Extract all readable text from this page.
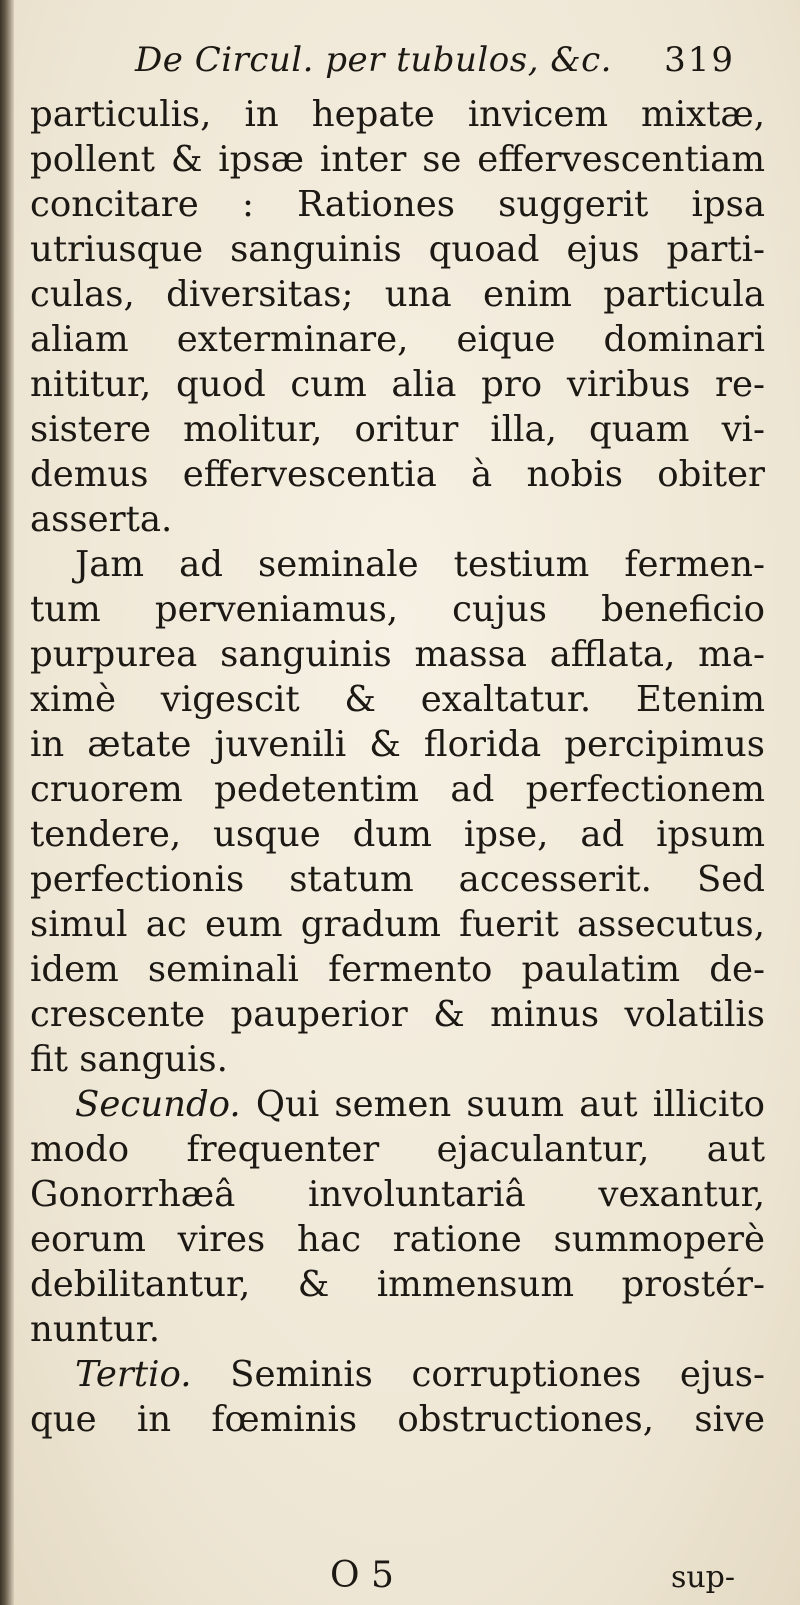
De Circul. per tubulos, &c. 319
particulis, in hepate invicem mixtæ,
pollent & ipsæ inter se effervescentiam
concitare : Rationes suggerit ipsa
utriusque sanguinis quoad ejus parti-
culas, diversitas; una enim particula
aliam exterminare, eique dominari
nititur, quod cum alia pro viribus re-
sistere molitur, oritur illa, quam vi-
demus effervescentia à nobis obiter
asserta.
Jam ad seminale testium fermen-
tum perveniamus, cujus beneficio
purpurea sanguinis massa afflata, ma-
ximè vigescit & exaltatur. Etenim
in ætate juvenili & florida percipimus
cruorem pedetentim ad perfectionem
tendere, usque dum ipse, ad ipsum
perfectionis statum accesserit. Sed
simul ac eum gradum fuerit assecutus,
idem seminali fermento paulatim de-
crescente pauperior & minus volatilis
fit sanguis.
Secundo. Qui semen suum aut illicito
modo frequenter ejaculantur, aut
Gonorrhæâ involuntariâ vexantur,
eorum vires hac ratione summoperè
debilitantur, & immensum prostér-
nuntur.
Tertio. Seminis corruptiones ejus-
que in fœminis obstructiones, sive
O 5	sup-
